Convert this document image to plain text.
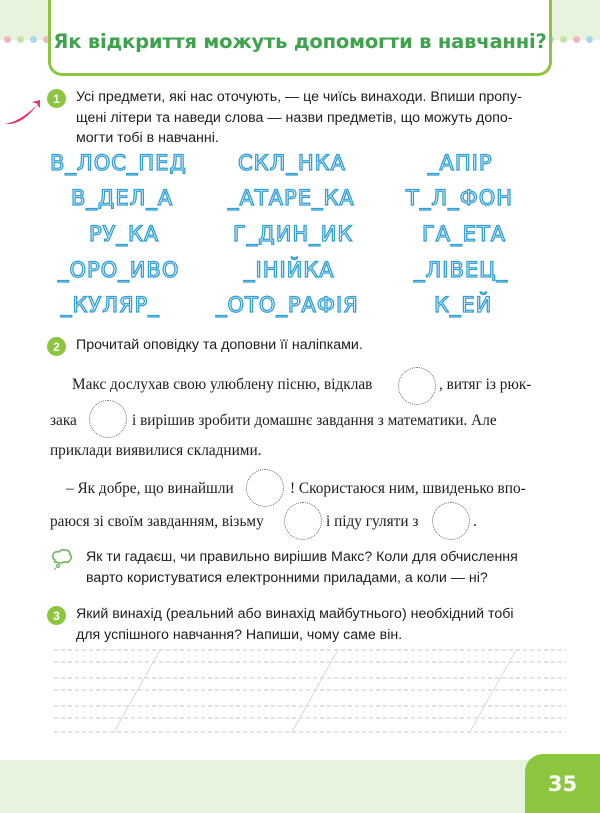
Як відкриття можуть допомогти в навчанні?
1	Усі предмети, які нас оточують, — це чиїсь винаходи. Впиши пропу-
щені літери та наведи слова — назви предметів, що можуть допо-
могти тобі в навчанні.
В_ЛОС_ПЕД СКЛ_НКА	_АПІР
В_ДЕЛ_А	_АТАРЕ_КА Т_Л_ФОН
РУ_КА	Г_ДИН_ИК	ГА_ЕТА
_ОРО_ИВО	_ІНІЙКА	_ЛІВЕЦ_
_КУЛЯР_	_ОТО_РАФІЯ	К_ЕЙ
2	Прочитай оповідку та доповни її наліпками.
Макс дослухав свою улюблену пісню, відклав	, витяг із рюк-
зака	і вирішив зробити домашнє завдання з математики. Але
приклади виявилися складними.
– Як добре, що винайшли	! Скористаюся ним, швиденько впо-
раюся зі своїм завданням, візьму	і піду гуляти з	.
Як ти гадаєш, чи правильно вирішив Макс? Коли для обчислення
варто користуватися електронними приладами, а коли — ні?
3	Який винахід (реальний або винахід майбутнього) необхідний тобі
для успішного навчання? Напиши, чому саме він.
35
